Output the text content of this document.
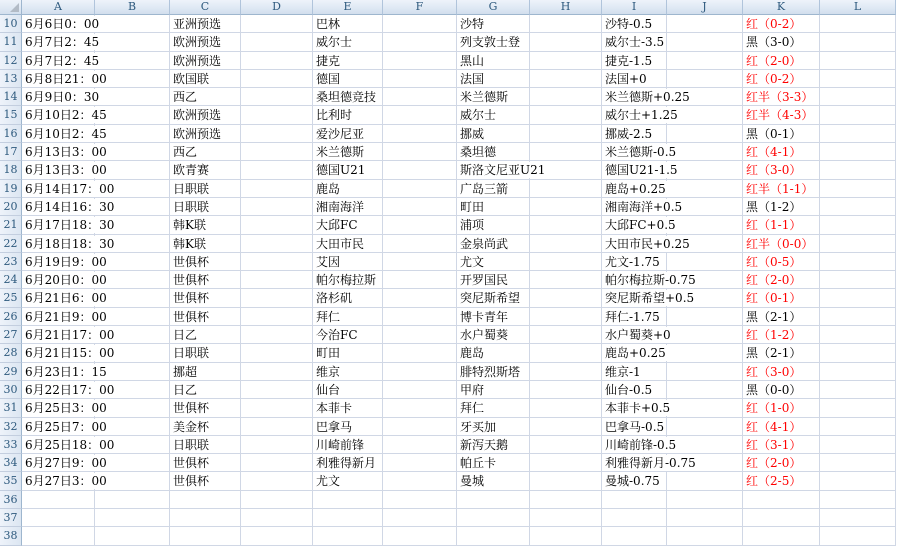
A	B	C	D	E	F	G	H	I	J	K	L
10 6月6日0：00	亚洲预选	巴林	沙特	沙特-0.5	红（0-2）
11 6月7日2：45	欧洲预选	威尔士	列支敦士登	威尔士-3.5	黑（3-0）
12 6月7日2：45	欧洲预选	捷克	黑山	捷克-1.5	红（2-0）
13 6月8日21：00	欧国联	德国	法国	法国+0	红（0-2）
14 6月9日0：30	西乙	桑坦德竞技	米兰德斯	米兰德斯+0.25	红半（3-3）
15 6月10日2：45	欧洲预选	比利时	威尔士	威尔士+1.25	红半（4-3）
16 6月10日2：45	欧洲预选	爱沙尼亚	挪威	挪威-2.5	黑（0-1）
17 6月13日3：00	西乙	米兰德斯	桑坦德	米兰德斯-0.5	红（4-1）
18 6月13日3：00	欧青赛	德国U21	斯洛文尼亚U21	德国U21-1.5	红（3-0）
19 6月14日17：00	日职联	鹿岛	广岛三箭	鹿岛+0.25	红半（1-1）
20 6月14日16：30	日职联	湘南海洋	町田	湘南海洋+0.5	黑（1-2）
21 6月17日18：30	韩K联	大邱FC	浦项	大邱FC+0.5	红（1-1）
22 6月18日18：30	韩K联	大田市民	金泉尚武	大田市民+0.25	红半（0-0）
23 6月19日9：00	世俱杯	艾因	尤文	尤文-1.75	红（0-5）
24 6月20日0：00	世俱杯	帕尔梅拉斯	开罗国民	帕尔梅拉斯-0.75	红（2-0）
25 6月21日6：00	世俱杯	洛杉矶	突尼斯希望	突尼斯希望+0.5	红（0-1）
26 6月21日9：00	世俱杯	拜仁	博卡青年	拜仁-1.75	黑（2-1）
27 6月21日17：00	日乙	今治FC	水户蜀葵	水户蜀葵+0	红（1-2）
28 6月21日15：00	日职联	町田	鹿岛	鹿岛+0.25	黑（2-1）
29 6月23日1：15	挪超	维京	腓特烈斯塔	维京-1	红（3-0）
30 6月22日17：00	日乙	仙台	甲府	仙台-0.5	黑（0-0）
31 6月25日3：00	世俱杯	本菲卡	拜仁	本菲卡+0.5	红（1-0）
32 6月25日7：00	美金杯	巴拿马	牙买加	巴拿马-0.5	红（4-1）
33 6月25日18：00	日职联	川崎前锋	新泻天鹅	川崎前锋-0.5	红（3-1）
34 6月27日9：00	世俱杯	利雅得新月	帕丘卡	利雅得新月-0.75	红（2-0）
35 6月27日3：00	世俱杯	尤文	曼城	曼城-0.75	红（2-5）
36
37
38
